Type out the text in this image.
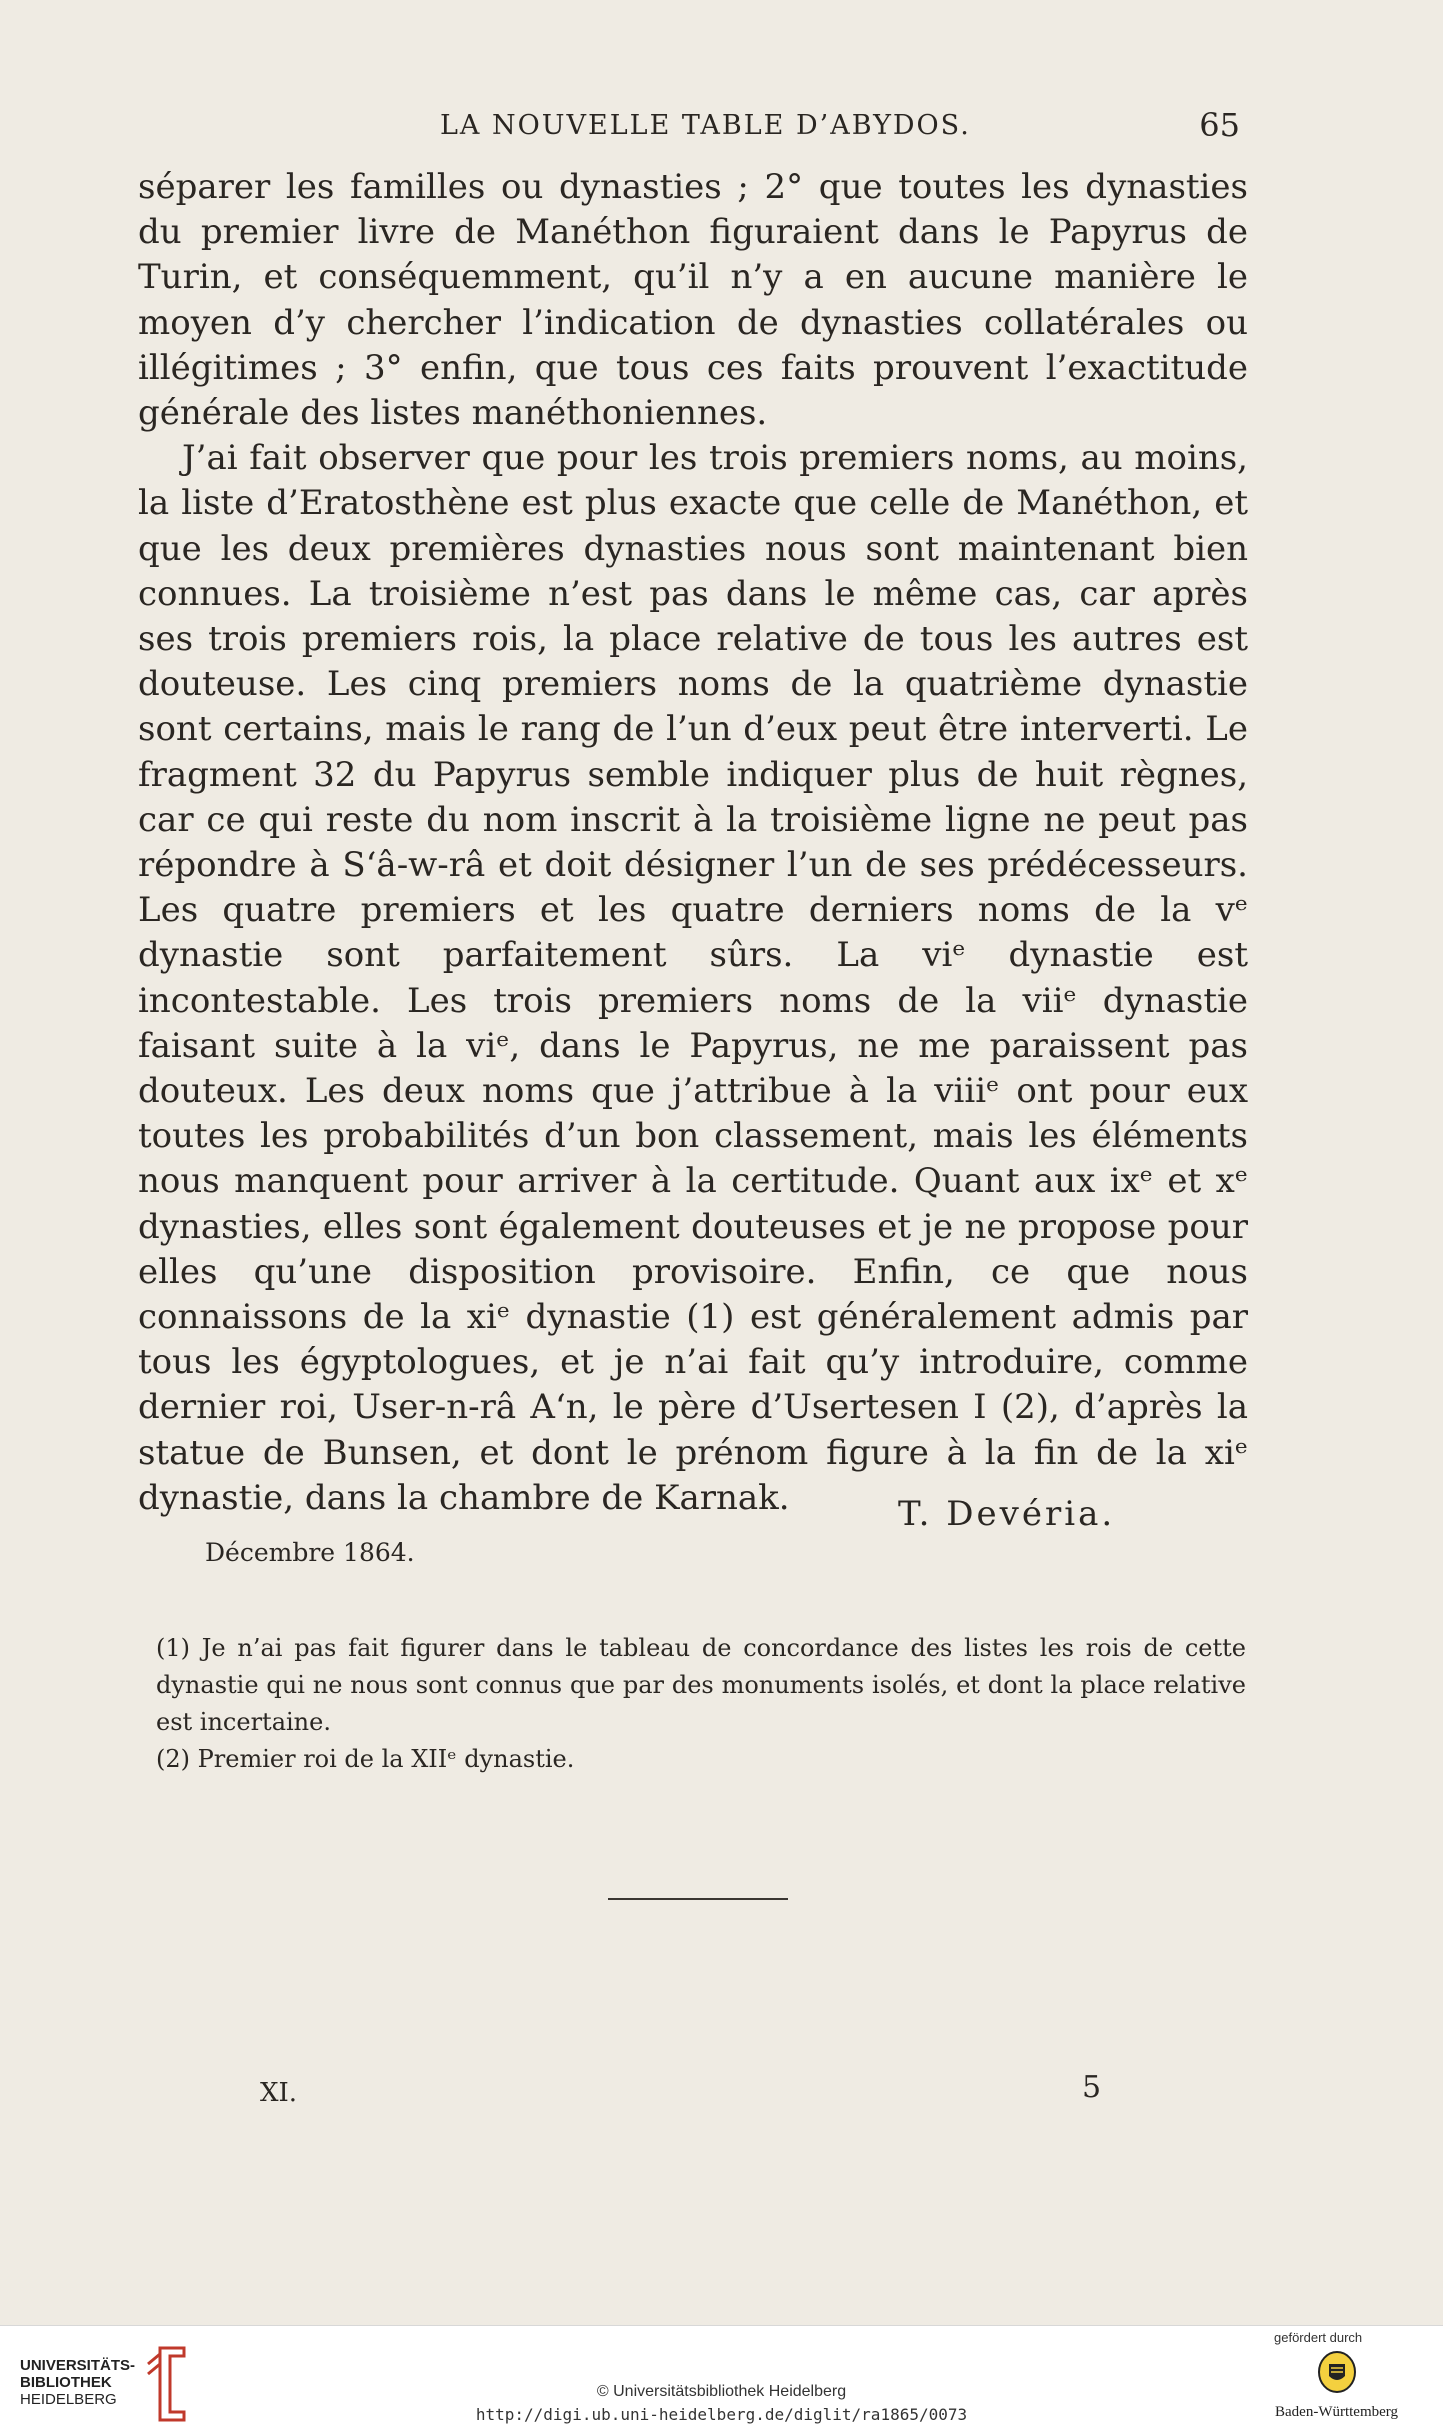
LA NOUVELLE TABLE D’ABYDOS.	65

séparer les familles ou dynasties ; 2° que toutes les dynasties du premier livre de Manéthon figuraient dans le Papyrus de Turin, et conséquemment, qu’il n’y a en aucune manière le moyen d’y chercher l’indication de dynasties collatérales ou illégitimes ; 3° enfin, que tous ces faits prouvent l’exactitude générale des listes manéthoniennes.

J’ai fait observer que pour les trois premiers noms, au moins, la liste d’Eratosthène est plus exacte que celle de Manéthon, et que les deux premières dynasties nous sont maintenant bien connues. La troisième n’est pas dans le même cas, car après ses trois premiers rois, la place relative de tous les autres est douteuse. Les cinq premiers noms de la quatrième dynastie sont certains, mais le rang de l’un d’eux peut être interverti. Le fragment 32 du Papyrus semble indiquer plus de huit règnes, car ce qui reste du nom inscrit à la troisième ligne ne peut pas répondre à S‘â-w-râ et doit désigner l’un de ses prédécesseurs. Les quatre premiers et les quatre derniers noms de la vᵉ dynastie sont parfaitement sûrs. La viᵉ dynastie est incontestable. Les trois premiers noms de la viiᵉ dynastie faisant suite à la viᵉ, dans le Papyrus, ne me paraissent pas douteux. Les deux noms que j’attribue à la viiiᵉ ont pour eux toutes les probabilités d’un bon classement, mais les éléments nous manquent pour arriver à la certitude. Quant aux ixᵉ et xᵉ dynasties, elles sont également douteuses et je ne propose pour elles qu’une disposition provisoire. Enfin, ce que nous connaissons de la xiᵉ dynastie (1) est généralement admis par tous les égyptologues, et je n’ai fait qu’y introduire, comme dernier roi, User-n-râ A‘n, le père d’Usertesen I (2), d’après la statue de Bunsen, et dont le prénom figure à la fin de la xiᵉ dynastie, dans la chambre de Karnak.	T. Devéria.
Décembre 1864.

(1) Je n’ai pas fait figurer dans le tableau de concordance des listes les rois de cette dynastie qui ne nous sont connus que par des monuments isolés, et dont la place relative est incertaine.

(2) Premier roi de la XIIᵉ dynastie.

XI.	5
UNIVERSITÄTS-
BIBLIOTHEK
HEIDELBERG	© Universitätsbibliothek Heidelberg
http://digi.ub.uni-heidelberg.de/diglit/ra1865/0073
gefördert durch
Baden-Württemberg
